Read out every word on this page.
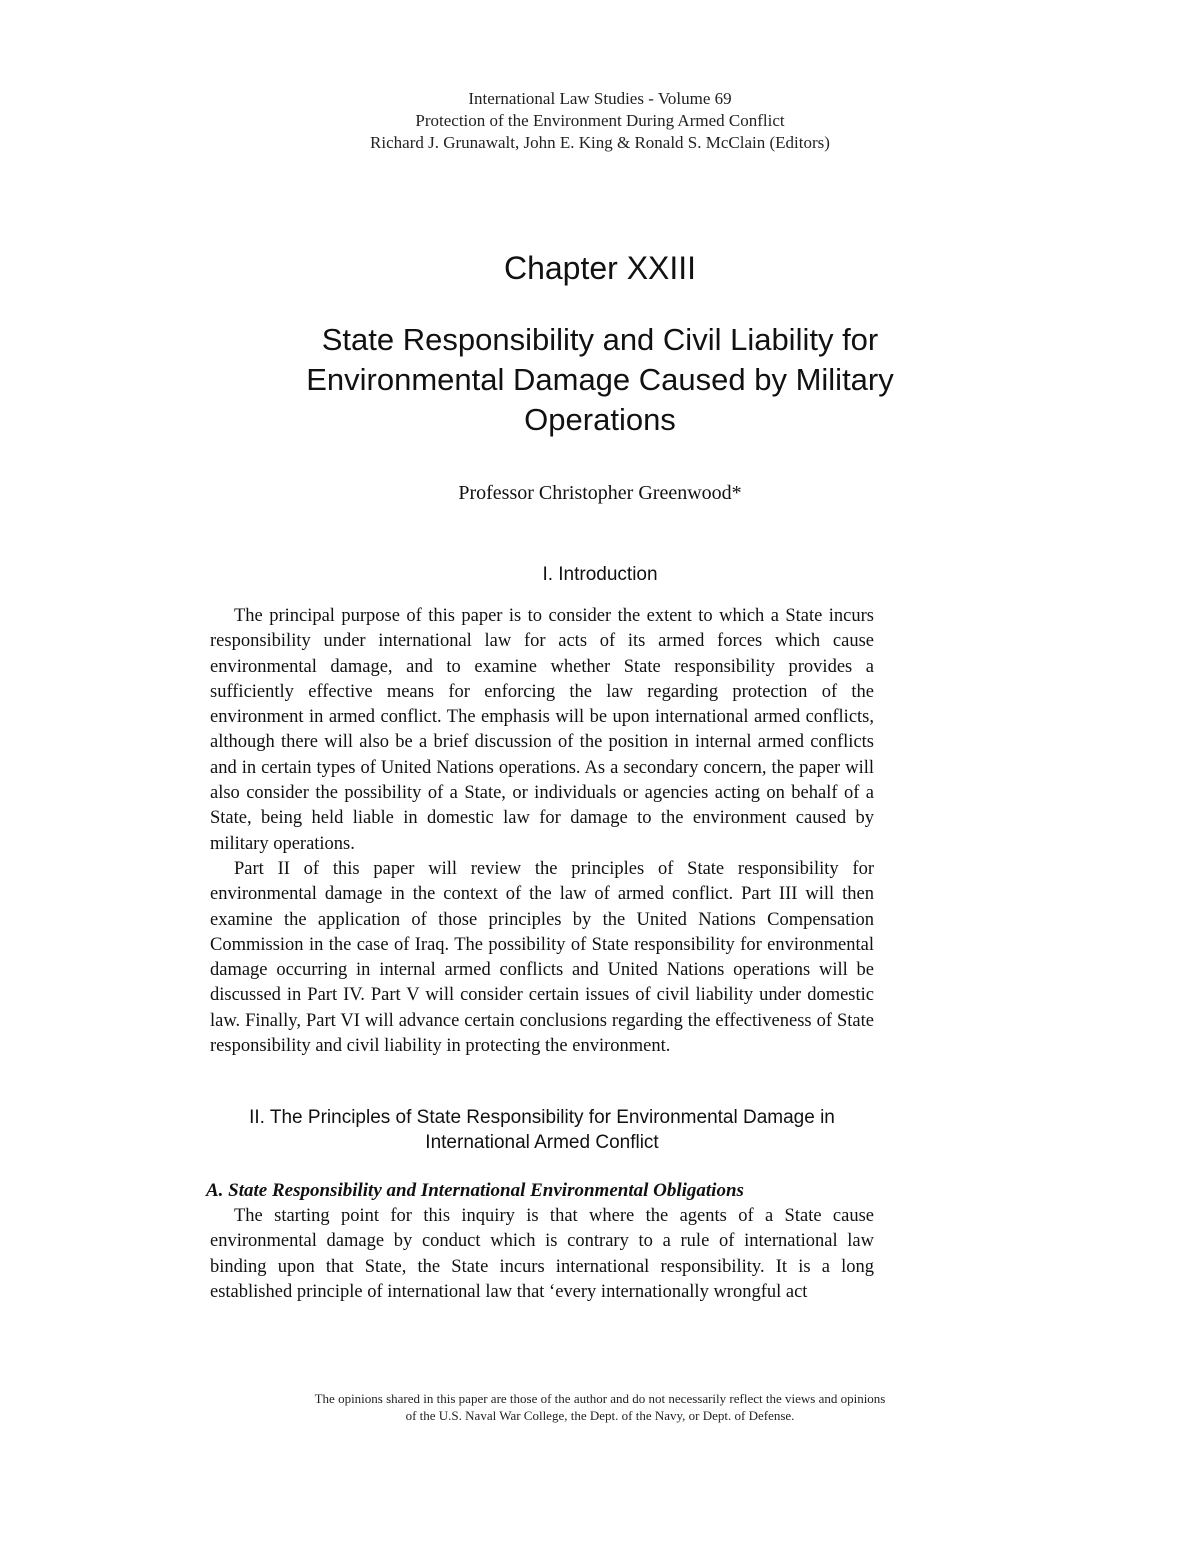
International Law Studies - Volume 69
Protection of the Environment During Armed Conflict
Richard J. Grunawalt, John E. King & Ronald S. McClain (Editors)
Chapter XXIII
State Responsibility and Civil Liability for
Environmental Damage Caused by Military
Operations
Professor Christopher Greenwood*
I. Introduction

The principal purpose of this paper is to consider the extent to which a State incurs responsibility under international law for acts of its armed forces which cause environmental damage, and to examine whether State responsibility provides a sufficiently effective means for enforcing the law regarding protection of the environment in armed conflict. The emphasis will be upon international armed conflicts, although there will also be a brief discussion of the position in internal armed conflicts and in certain types of United Nations operations. As a secondary concern, the paper will also consider the possibility of a State, or individuals or agencies acting on behalf of a State, being held liable in domestic law for damage to the environment caused by military operations.

Part II of this paper will review the principles of State responsibility for environmental damage in the context of the law of armed conflict. Part III will then examine the application of those principles by the United Nations Compensation Commission in the case of Iraq. The possibility of State responsibility for environmental damage occurring in internal armed conflicts and United Nations operations will be discussed in Part IV. Part V will consider certain issues of civil liability under domestic law. Finally, Part VI will advance certain conclusions regarding the effectiveness of State responsibility and civil liability in protecting the environment.

II. The Principles of State Responsibility for Environmental Damage in
International Armed Conflict
A. State Responsibility and International Environmental Obligations

The starting point for this inquiry is that where the agents of a State cause environmental damage by conduct which is contrary to a rule of international law binding upon that State, the State incurs international responsibility. It is a long established principle of international law that ‘every internationally wrongful act

The opinions shared in this paper are those of the author and do not necessarily reflect the views and opinions
of the U.S. Naval War College, the Dept. of the Navy, or Dept. of Defense.
